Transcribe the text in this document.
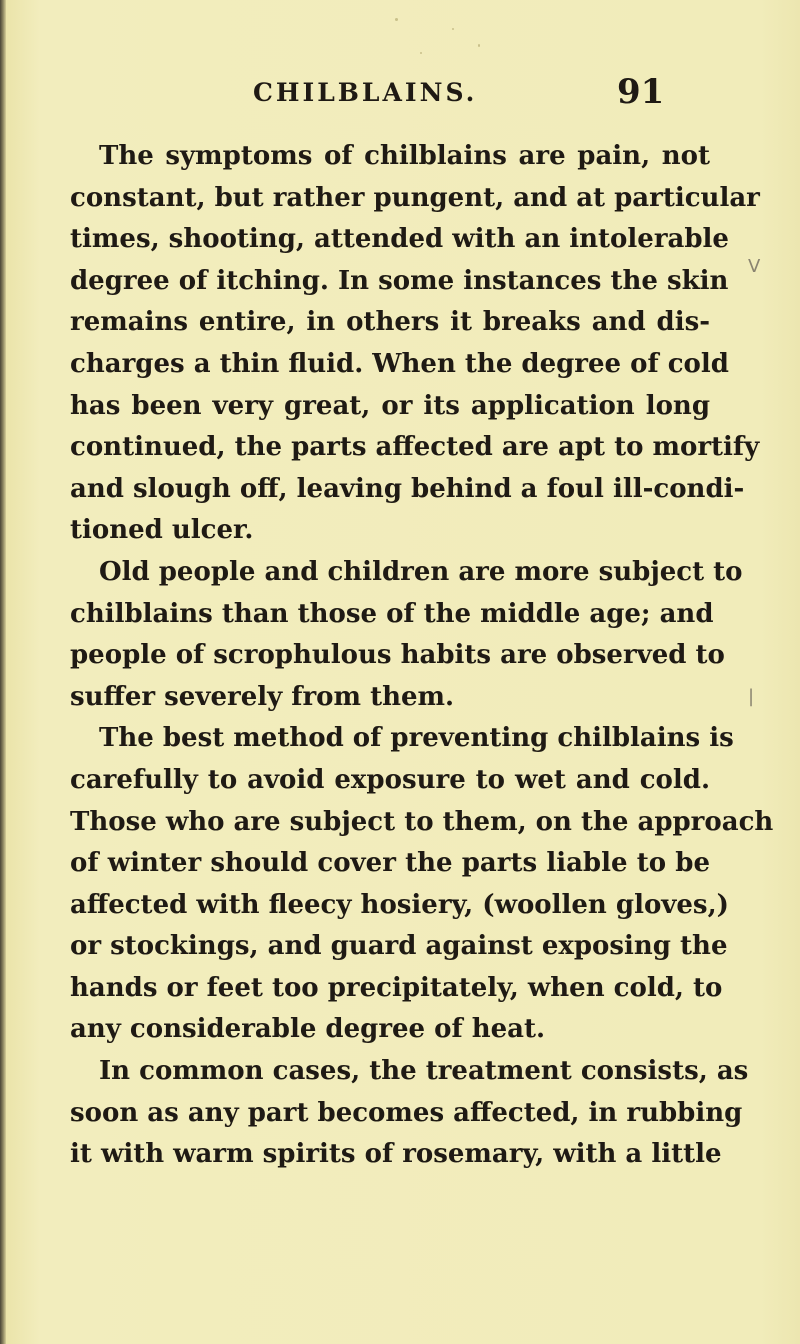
CHILBLAINS.	91
V
|
The symptoms of chilblains are pain, not
constant, but rather pungent, and at particular
times, shooting, attended with an intolerable
degree of itching. In some instances the skin
remains entire, in others it breaks and dis-
charges a thin fluid. When the degree of cold
has been very great, or its application long
continued, the parts affected are apt to mortify
and slough off, leaving behind a foul ill-condi-
tioned ulcer.
Old people and children are more subject to
chilblains than those of the middle age; and
people of scrophulous habits are observed to
suffer severely from them.
The best method of preventing chilblains is
carefully to avoid exposure to wet and cold.
Those who are subject to them, on the approach
of winter should cover the parts liable to be
affected with fleecy hosiery, (woollen gloves,)
or stockings, and guard against exposing the
hands or feet too precipitately, when cold, to
any considerable degree of heat.
In common cases, the treatment consists, as
soon as any part becomes affected, in rubbing
it with warm spirits of rosemary, with a little
